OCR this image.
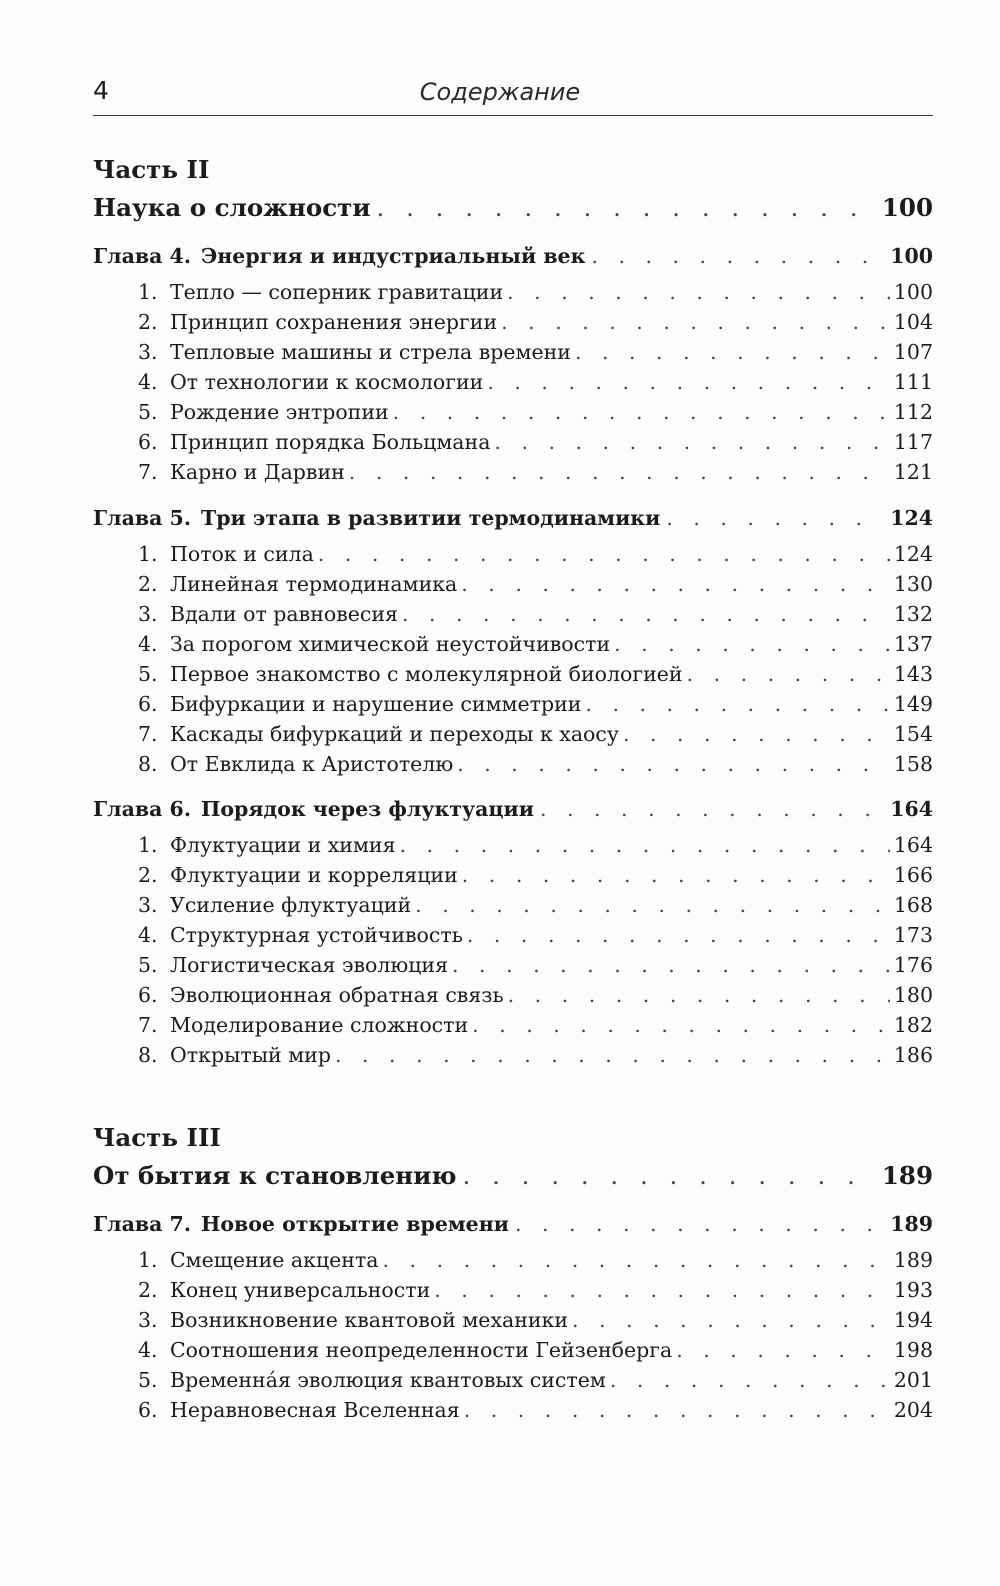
4	Содержание
Часть II
Наука о сложности . . .	100
Глава 4. Энергия и индустриальный век . . .	100
1. Тепло — соперник гравитации . . .	100
2. Принцип сохранения энергии . . .	104
3. Тепловые машины и стрела времени . . .	107
4. От технологии к космологии . . .	111
5. Рождение энтропии . . .	112
6. Принцип порядка Больцмана . . .	117
7. Карно и Дарвин . . .	121
Глава 5. Три этапа в развитии термодинамики . . .	124
1. Поток и сила . . .	124
2. Линейная термодинамика . . .	130
3. Вдали от равновесия . . .	132
4. За порогом химической неустойчивости . . .	137
5. Первое знакомство с молекулярной биологией . . .	143
6. Бифуркации и нарушение симметрии . . .	149
7. Каскады бифуркаций и переходы к хаосу . . .	154
8. От Евклида к Аристотелю . . .	158
Глава 6. Порядок через флуктуации . . .	164
1. Флуктуации и химия . . .	164
2. Флуктуации и корреляции . . .	166
3. Усиление флуктуаций . . .	168
4. Структурная устойчивость . . .	173
5. Логистическая эволюция . . .	176
6. Эволюционная обратная связь . . .	180
7. Моделирование сложности . . .	182
8. Открытый мир . . .	186
Часть III
От бытия к становлению . . .	189
Глава 7. Новое открытие времени . . .	189
1. Смещение акцента . . .	189
2. Конец универсальности . . .	193
3. Возникновение квантовой механики . . .	194
4. Соотношения неопределенности Гейзенберга . . .	198
5. Временна́я эволюция квантовых систем . . .	201
6. Неравновесная Вселенная . . .	204
